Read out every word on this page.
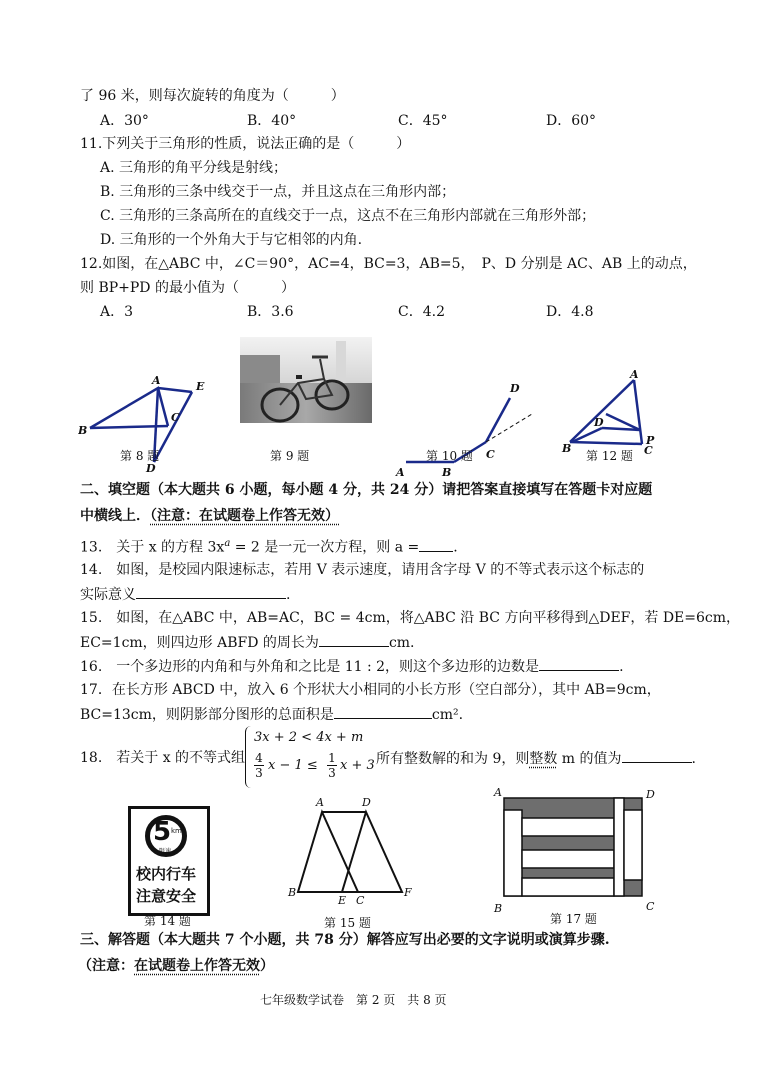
了 96 米，则每次旋转的角度为（　　　）
A．30°	B．40°	C．45°	D．60°
11.下列关于三角形的性质，说法正确的是（　　　）
A. 三角形的角平分线是射线；
B. 三角形的三条中线交于一点，并且这点在三角形内部；
C. 三角形的三条高所在的直线交于一点，这点不在三角形内部就在三角形外部；
D. 三角形的一个外角大于与它相邻的内角.
12.如图，在△ABC 中，∠C＝90°，AC=4，BC=3，AB=5，　P、D 分别是 AC、AB 上的动点，
则 BP+PD 的最小值为（　　　）
A．3	B．3.6	C．4.2	D．4.8
A	E
B
C
D
第 8 题	第 9 题
D
A	B
C
第 10 题
A
D
P
B	C
第 12 题
二、填空题（本大题共 6 小题，每小题 4 分，共 24 分）请把答案直接填写在答题卡对应题
中横线上．（注意：在试题卷上作答无效）
13.　关于 x 的方程 $3x^a = 2$ 是一元一次方程，则 a = .
14.　如图，是校园内限速标志，若用 V 表示速度，请用含字母 V 的不等式表示这个标志的
实际意义	.
15.　如图，在△ABC 中，AB=AC，BC = 4cm，将△ABC 沿 BC 方向平移得到△DEF，若 DE=6cm，
EC=1cm，则四边形 ABFD 的周长为	cm.
16.　一个多边形的内角和与外角和之比是 11 : 2，则这个多边形的边数是	.
17．在长方形 ABCD 中，放入 6 个形状大小相同的小长方形（空白部分），其中 AB=9cm，
BC=13cm，则阴影部分图形的总面积是	cm².
18.　若关于 x 的不等式组
3x + 2 < 4x + m
$\frac{4}{3}$ $x - 1 \le \frac{1}{3}$ x + 3 所有整数解的和为 9，则整数 m 的值为	.
5 km
限速
校内行车
注意安全
第 14 题
A	D
B
E C
F
第 15 题
A	D
B	C
第 17 题
三、解答题（本大题共 7 个小题，共 78 分）解答应写出必要的文字说明或演算步骤.
（注意：在试题卷上作答无效）
七年级数学试卷　第 2 页　共 8 页
